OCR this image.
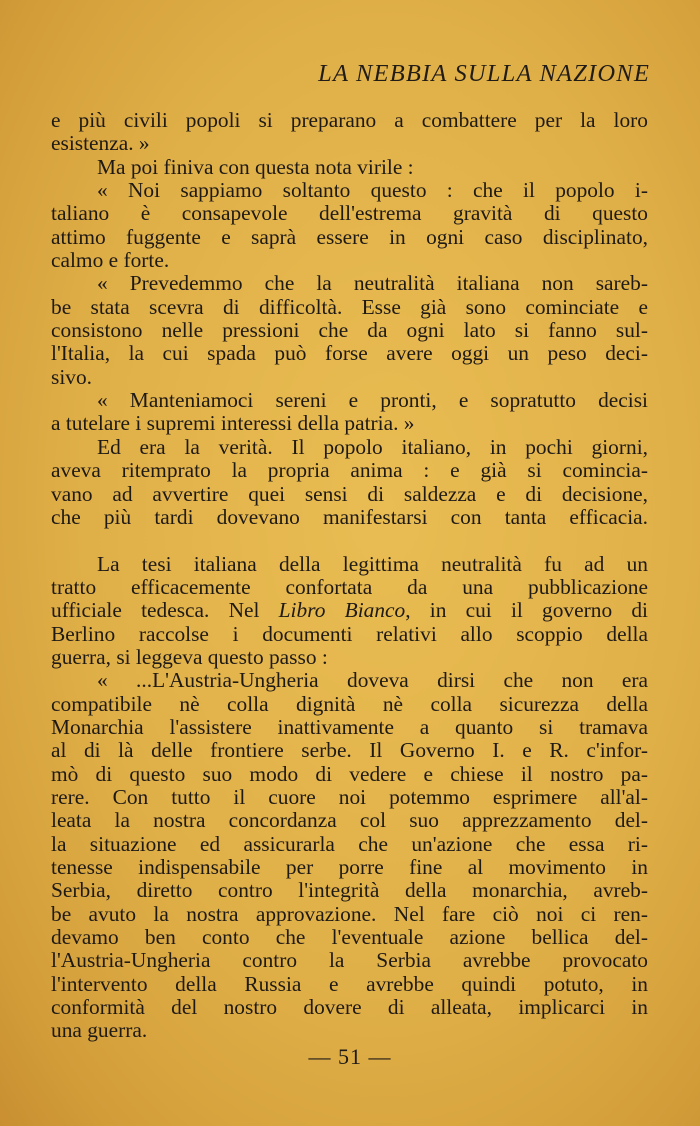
LA NEBBIA SULLA NAZIONE
e più civili popoli si preparano a combattere per la loro
esistenza. »
Ma poi finiva con questa nota virile :
« Noi sappiamo soltanto questo : che il popolo i-
taliano è consapevole dell'estrema gravità di questo
attimo fuggente e saprà essere in ogni caso disciplinato,
calmo e forte.
« Prevedemmo che la neutralità italiana non sareb-
be stata scevra di difficoltà. Esse già sono cominciate e
consistono nelle pressioni che da ogni lato si fanno sul-
l'Italia, la cui spada può forse avere oggi un peso deci-
sivo.
« Manteniamoci sereni e pronti, e sopratutto decisi
a tutelare i supremi interessi della patria. »
Ed era la verità. Il popolo italiano, in pochi giorni,
aveva ritemprato la propria anima : e già si comincia-
vano ad avvertire quei sensi di saldezza e di decisione,
che più tardi dovevano manifestarsi con tanta efficacia.
La tesi italiana della legittima neutralità fu ad un
tratto efficacemente confortata da una pubblicazione
ufficiale tedesca. Nel Libro Bianco, in cui il governo di
Berlino raccolse i documenti relativi allo scoppio della
guerra, si leggeva questo passo :
« ...L'Austria-Ungheria doveva dirsi che non era
compatibile nè colla dignità nè colla sicurezza della
Monarchia l'assistere inattivamente a quanto si tramava
al di là delle frontiere serbe. Il Governo I. e R. c'infor-
mò di questo suo modo di vedere e chiese il nostro pa-
rere. Con tutto il cuore noi potemmo esprimere all'al-
leata la nostra concordanza col suo apprezzamento del-
la situazione ed assicurarla che un'azione che essa ri-
tenesse indispensabile per porre fine al movimento in
Serbia, diretto contro l'integrità della monarchia, avreb-
be avuto la nostra approvazione. Nel fare ciò noi ci ren-
devamo ben conto che l'eventuale azione bellica del-
l'Austria-Ungheria contro la Serbia avrebbe provocato
l'intervento della Russia e avrebbe quindi potuto, in
conformità del nostro dovere di alleata, implicarci in
una guerra.
— 51 —
